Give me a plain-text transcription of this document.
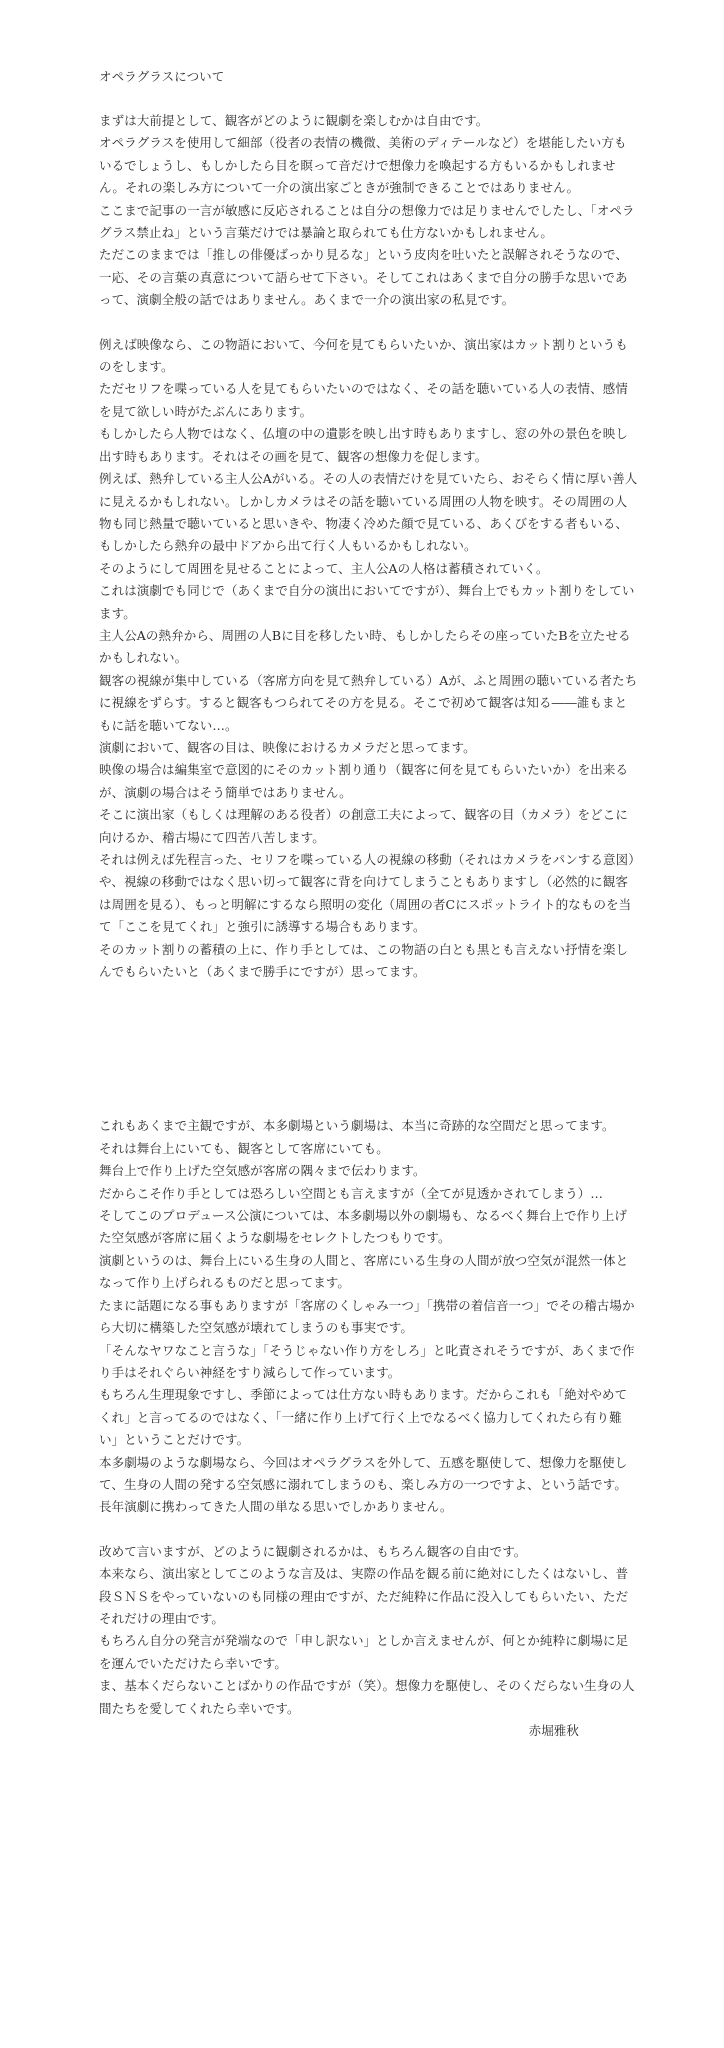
オペラグラスについて

まずは大前提として、観客がどのように観劇を楽しむかは自由です。

オペラグラスを使用して細部（役者の表情の機微、美術のディテールなど）を堪能したい方もいるでしょうし、もしかしたら目を瞑って音だけで想像力を喚起する方もいるかもしれません。それの楽しみ方について一介の演出家ごときが強制できることではありません。

ここまで記事の一言が敏感に反応されることは自分の想像力では足りませんでしたし、「オペラグラス禁止ね」という言葉だけでは暴論と取られても仕方ないかもしれません。

ただこのままでは「推しの俳優ばっかり見るな」という皮肉を吐いたと誤解されそうなので、一応、その言葉の真意について語らせて下さい。そしてこれはあくまで自分の勝手な思いであって、演劇全般の話ではありません。あくまで一介の演出家の私見です。

例えば映像なら、この物語において、今何を見てもらいたいか、演出家はカット割りというものをします。

ただセリフを喋っている人を見てもらいたいのではなく、その話を聴いている人の表情、感情を見て欲しい時がたぶんにあります。

もしかしたら人物ではなく、仏壇の中の遺影を映し出す時もありますし、窓の外の景色を映し出す時もあります。それはその画を見て、観客の想像力を促します。

例えば、熱弁している主人公Aがいる。その人の表情だけを見ていたら、おそらく情に厚い善人に見えるかもしれない。しかしカメラはその話を聴いている周囲の人物を映す。その周囲の人物も同じ熱量で聴いていると思いきや、物凄く冷めた顔で見ている、あくびをする者もいる、もしかしたら熱弁の最中ドアから出て行く人もいるかもしれない。

そのようにして周囲を見せることによって、主人公Aの人格は蓄積されていく。

これは演劇でも同じで（あくまで自分の演出においてですが）、舞台上でもカット割りをしています。

主人公Aの熱弁から、周囲の人Bに目を移したい時、もしかしたらその座っていたBを立たせるかもしれない。

観客の視線が集中している（客席方向を見て熱弁している）Aが、ふと周囲の聴いている者たちに視線をずらす。すると観客もつられてその方を見る。そこで初めて観客は知る――誰もまともに話を聴いてない…。

演劇において、観客の目は、映像におけるカメラだと思ってます。

映像の場合は編集室で意図的にそのカット割り通り（観客に何を見てもらいたいか）を出来るが、演劇の場合はそう簡単ではありません。

そこに演出家（もしくは理解のある役者）の創意工夫によって、観客の目（カメラ）をどこに向けるか、稽古場にて四苦八苦します。

それは例えば先程言った、セリフを喋っている人の視線の移動（それはカメラをパンする意図）や、視線の移動ではなく思い切って観客に背を向けてしまうこともありますし（必然的に観客は周囲を見る）、もっと明解にするなら照明の変化（周囲の者Cにスポットライト的なものを当て「ここを見てくれ」と強引に誘導する場合もあります。

そのカット割りの蓄積の上に、作り手としては、この物語の白とも黒とも言えない抒情を楽しんでもらいたいと（あくまで勝手にですが）思ってます。

これもあくまで主観ですが、本多劇場という劇場は、本当に奇跡的な空間だと思ってます。

それは舞台上にいても、観客として客席にいても。

舞台上で作り上げた空気感が客席の隅々まで伝わります。

だからこそ作り手としては恐ろしい空間とも言えますが（全てが見透かされてしまう）…

そしてこのプロデュース公演については、本多劇場以外の劇場も、なるべく舞台上で作り上げた空気感が客席に届くような劇場をセレクトしたつもりです。

演劇というのは、舞台上にいる生身の人間と、客席にいる生身の人間が放つ空気が混然一体となって作り上げられるものだと思ってます。

たまに話題になる事もありますが「客席のくしゃみ一つ」「携帯の着信音一つ」でその稽古場から大切に構築した空気感が壊れてしまうのも事実です。

「そんなヤワなこと言うな」「そうじゃない作り方をしろ」と叱責されそうですが、あくまで作り手はそれぐらい神経をすり減らして作っています。

もちろん生理現象ですし、季節によっては仕方ない時もあります。だからこれも「絶対やめてくれ」と言ってるのではなく、「一緒に作り上げて行く上でなるべく協力してくれたら有り難い」ということだけです。

本多劇場のような劇場なら、今回はオペラグラスを外して、五感を駆使して、想像力を駆使して、生身の人間の発する空気感に溺れてしまうのも、楽しみ方の一つですよ、という話です。長年演劇に携わってきた人間の単なる思いでしかありません。

改めて言いますが、どのように観劇されるかは、もちろん観客の自由です。

本来なら、演出家としてこのような言及は、実際の作品を観る前に絶対にしたくはないし、普段ＳＮＳをやっていないのも同様の理由ですが、ただ純粋に作品に没入してもらいたい、ただそれだけの理由です。

もちろん自分の発言が発端なので「申し訳ない」としか言えませんが、何とか純粋に劇場に足を運んでいただけたら幸いです。

ま、基本くだらないことばかりの作品ですが（笑）。想像力を駆使し、そのくだらない生身の人間たちを愛してくれたら幸いです。

赤堀雅秋
